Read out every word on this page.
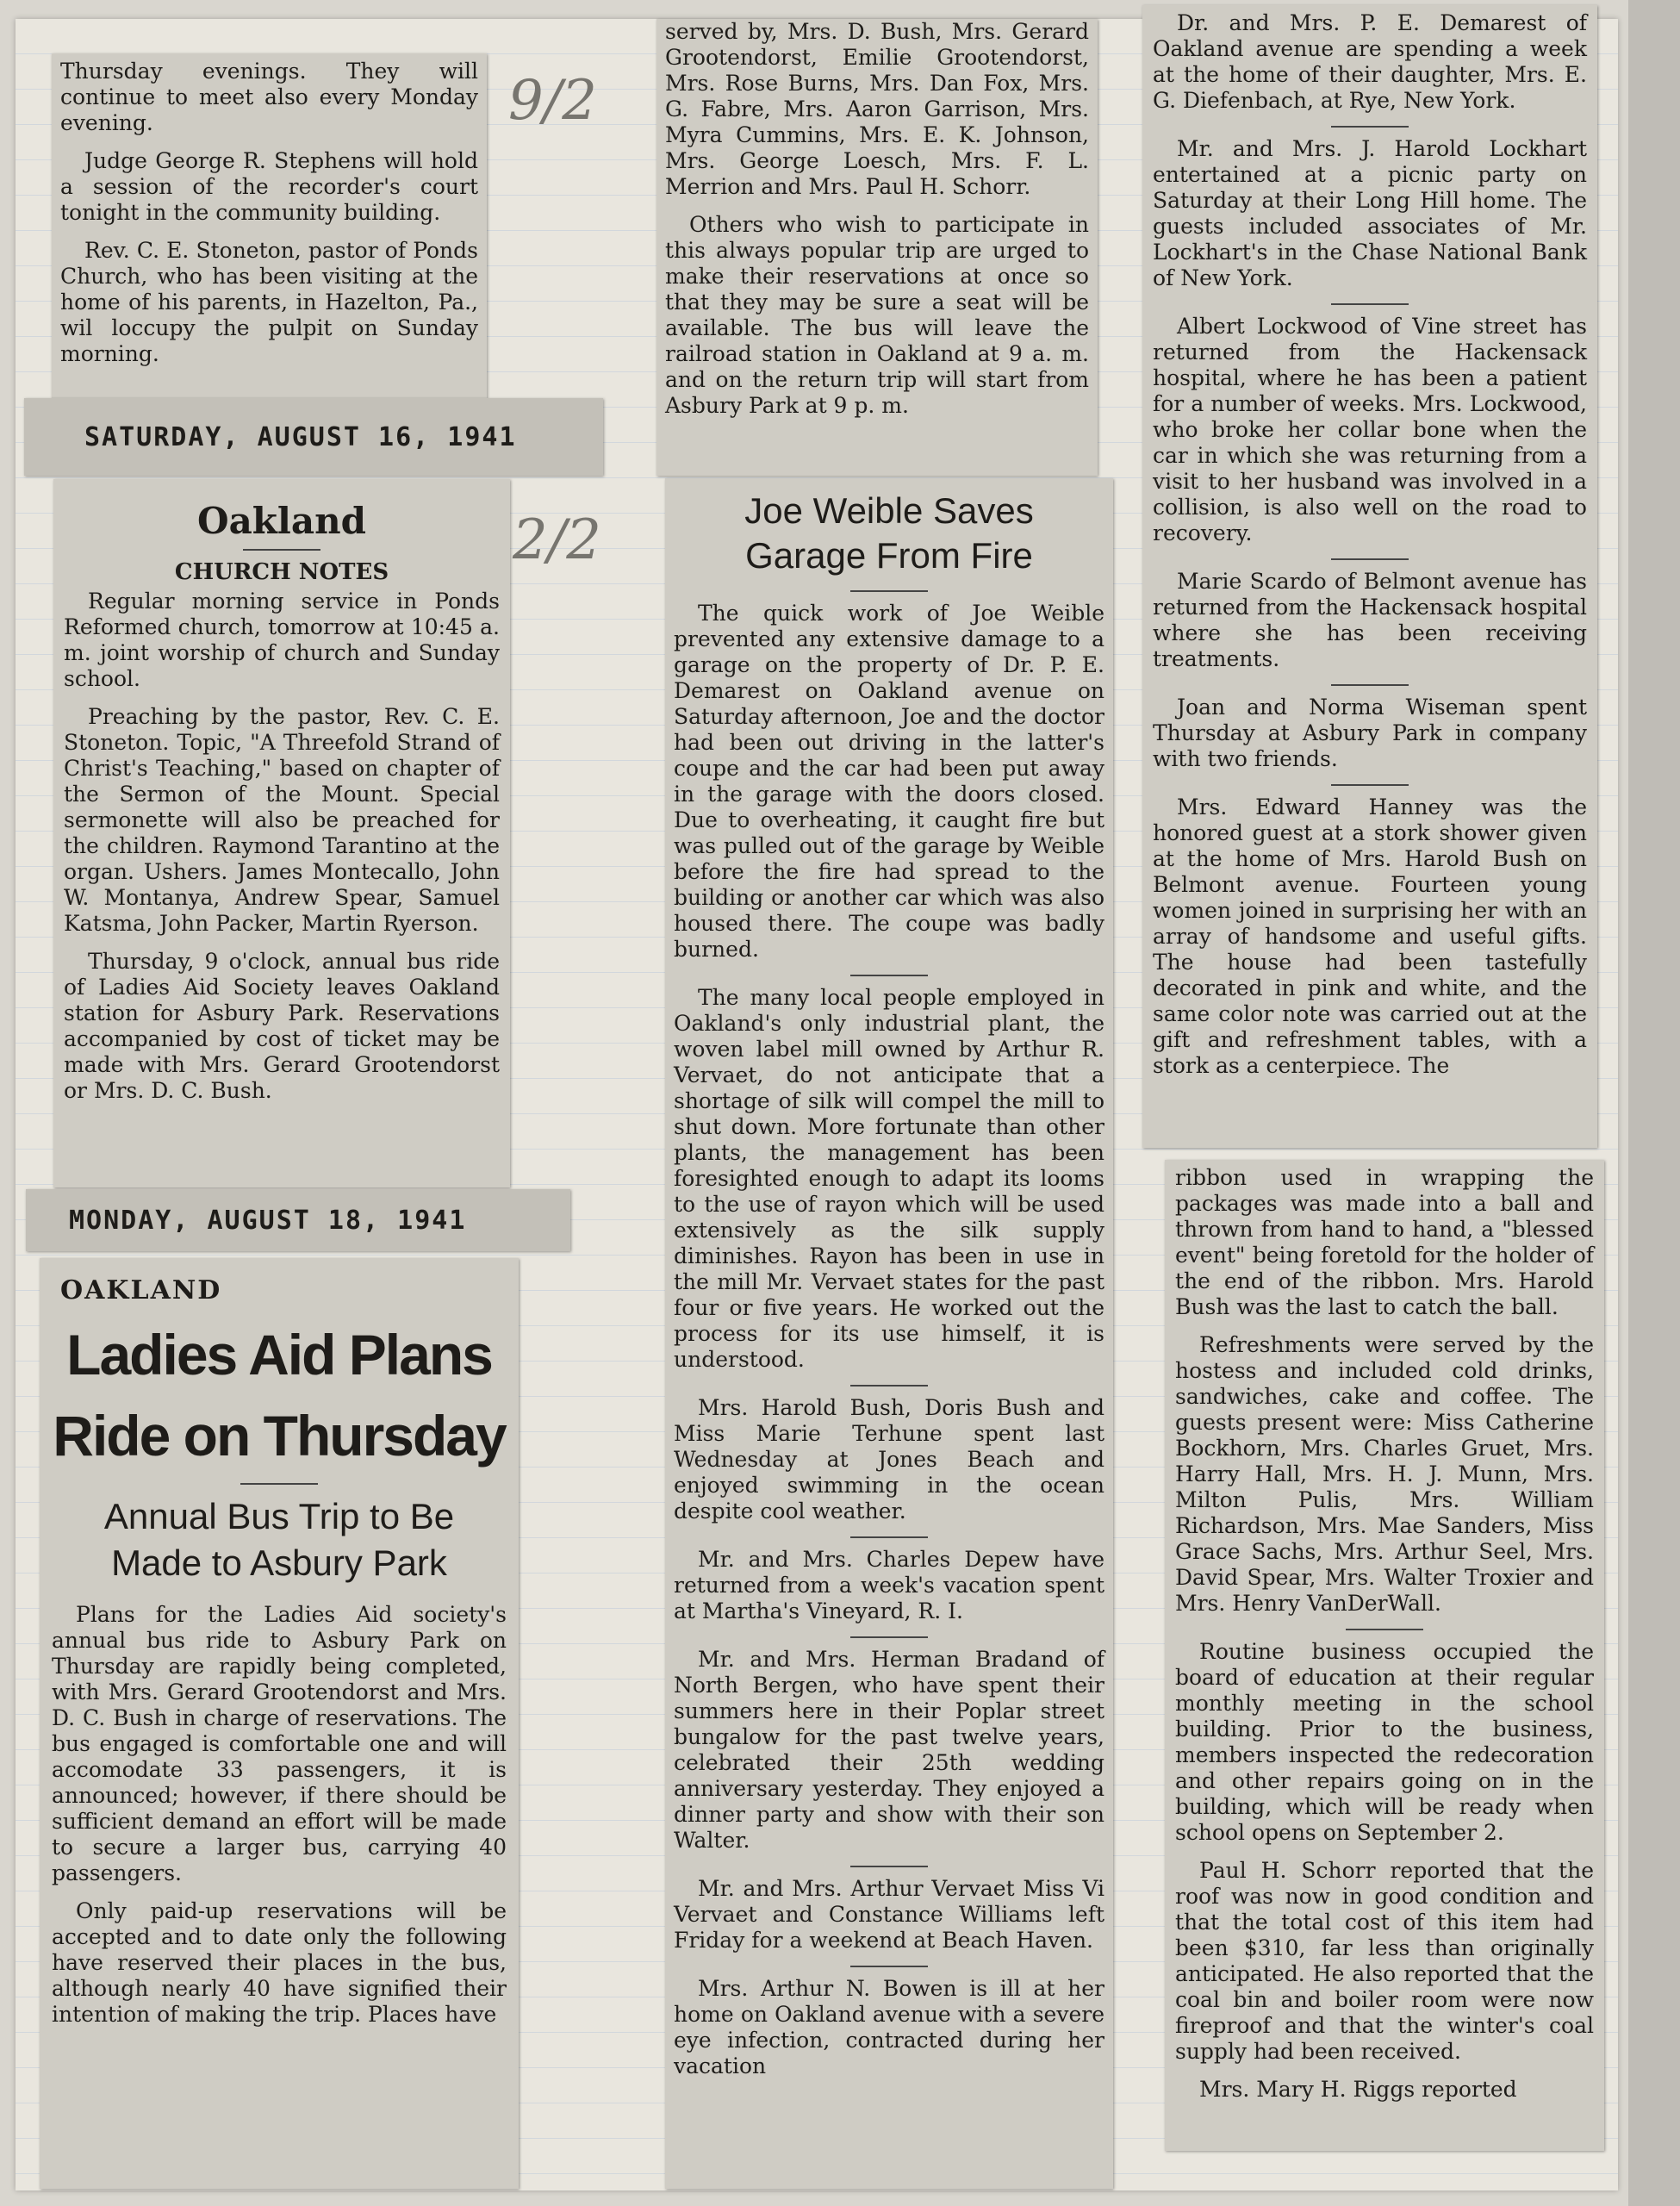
9/2
2/2

Thursday evenings. They will continue to meet also every Monday evening.

Judge George R. Stephens will hold a session of the recorder's court tonight in the community building.

Rev. C. E. Stoneton, pastor of Ponds Church, who has been visiting at the home of his parents, in Hazelton, Pa., wil loccupy the pulpit on Sunday morning.

SATURDAY, AUGUST 16, 1941
Oakland
CHURCH NOTES

Regular morning service in Ponds Reformed church, tomorrow at 10:45 a. m. joint worship of church and Sunday school.

Preaching by the pastor, Rev. C. E. Stoneton. Topic, "A Threefold Strand of Christ's Teaching," based on chapter of the Sermon of the Mount. Special sermonette will also be preached for the children. Raymond Tarantino at the organ. Ushers. James Montecallo, John W. Montanya, Andrew Spear, Samuel Katsma, John Packer, Martin Ryerson.

Thursday, 9 o'clock, annual bus ride of Ladies Aid Society leaves Oakland station for Asbury Park. Reservations accompanied by cost of ticket may be made with Mrs. Gerard Grootendorst or Mrs. D. C. Bush.

MONDAY, AUGUST 18, 1941
OAKLAND
Ladies Aid Plans Ride on Thursday
Annual Bus Trip to Be Made to Asbury Park

Plans for the Ladies Aid society's annual bus ride to Asbury Park on Thursday are rapidly being completed, with Mrs. Gerard Grootendorst and Mrs. D. C. Bush in charge of reservations. The bus engaged is comfortable one and will accomodate 33 passengers, it is announced; however, if there should be sufficient demand an effort will be made to secure a larger bus, carrying 40 passengers.

Only paid-up reservations will be accepted and to date only the following have reserved their places in the bus, although nearly 40 have signified their intention of making the trip. Places have

served by, Mrs. D. Bush, Mrs. Gerard Grootendorst, Emilie Grootendorst, Mrs. Rose Burns, Mrs. Dan Fox, Mrs. G. Fabre, Mrs. Aaron Garrison, Mrs. Myra Cummins, Mrs. E. K. Johnson, Mrs. George Loesch, Mrs. F. L. Merrion and Mrs. Paul H. Schorr.

Others who wish to participate in this always popular trip are urged to make their reservations at once so that they may be sure a seat will be available. The bus will leave the railroad station in Oakland at 9 a. m. and on the return trip will start from Asbury Park at 9 p. m.

Joe Weible Saves Garage From Fire

The quick work of Joe Weible prevented any extensive damage to a garage on the property of Dr. P. E. Demarest on Oakland avenue on Saturday afternoon, Joe and the doctor had been out driving in the latter's coupe and the car had been put away in the garage with the doors closed. Due to overheating, it caught fire but was pulled out of the garage by Weible before the fire had spread to the building or another car which was also housed there. The coupe was badly burned.

The many local people employed in Oakland's only industrial plant, the woven label mill owned by Arthur R. Vervaet, do not anticipate that a shortage of silk will compel the mill to shut down. More fortunate than other plants, the management has been foresighted enough to adapt its looms to the use of rayon which will be used extensively as the silk supply diminishes. Rayon has been in use in the mill Mr. Vervaet states for the past four or five years. He worked out the process for its use himself, it is understood.

Mrs. Harold Bush, Doris Bush and Miss Marie Terhune spent last Wednesday at Jones Beach and enjoyed swimming in the ocean despite cool weather.

Mr. and Mrs. Charles Depew have returned from a week's vacation spent at Martha's Vineyard, R. I.

Mr. and Mrs. Herman Bradand of North Bergen, who have spent their summers here in their Poplar street bungalow for the past twelve years, celebrated their 25th wedding anniversary yesterday. They enjoyed a dinner party and show with their son Walter.

Mr. and Mrs. Arthur Vervaet Miss Vi Vervaet and Constance Williams left Friday for a weekend at Beach Haven.

Mrs. Arthur N. Bowen is ill at her home on Oakland avenue with a severe eye infection, contracted during her vacation

Dr. and Mrs. P. E. Demarest of Oakland avenue are spending a week at the home of their daughter, Mrs. E. G. Diefenbach, at Rye, New York.

Mr. and Mrs. J. Harold Lockhart entertained at a picnic party on Saturday at their Long Hill home. The guests included associates of Mr. Lockhart's in the Chase National Bank of New York.

Albert Lockwood of Vine street has returned from the Hackensack hospital, where he has been a patient for a number of weeks. Mrs. Lockwood, who broke her collar bone when the car in which she was returning from a visit to her husband was involved in a collision, is also well on the road to recovery.

Marie Scardo of Belmont avenue has returned from the Hackensack hospital where she has been receiving treatments.

Joan and Norma Wiseman spent Thursday at Asbury Park in company with two friends.

Mrs. Edward Hanney was the honored guest at a stork shower given at the home of Mrs. Harold Bush on Belmont avenue. Fourteen young women joined in surprising her with an array of handsome and useful gifts. The house had been tastefully decorated in pink and white, and the same color note was carried out at the gift and refreshment tables, with a stork as a centerpiece. The

ribbon used in wrapping the packages was made into a ball and thrown from hand to hand, a "blessed event" being foretold for the holder of the end of the ribbon. Mrs. Harold Bush was the last to catch the ball.

Refreshments were served by the hostess and included cold drinks, sandwiches, cake and coffee. The guests present were: Miss Catherine Bockhorn, Mrs. Charles Gruet, Mrs. Harry Hall, Mrs. H. J. Munn, Mrs. Milton Pulis, Mrs. William Richardson, Mrs. Mae Sanders, Miss Grace Sachs, Mrs. Arthur Seel, Mrs. David Spear, Mrs. Walter Troxier and Mrs. Henry VanDerWall.

Routine business occupied the board of education at their regular monthly meeting in the school building. Prior to the business, members inspected the redecoration and other repairs going on in the building, which will be ready when school opens on September 2.

Paul H. Schorr reported that the roof was now in good condition and that the total cost of this item had been $310, far less than originally anticipated. He also reported that the coal bin and boiler room were now fireproof and that the winter's coal supply had been received.

Mrs. Mary H. Riggs reported
